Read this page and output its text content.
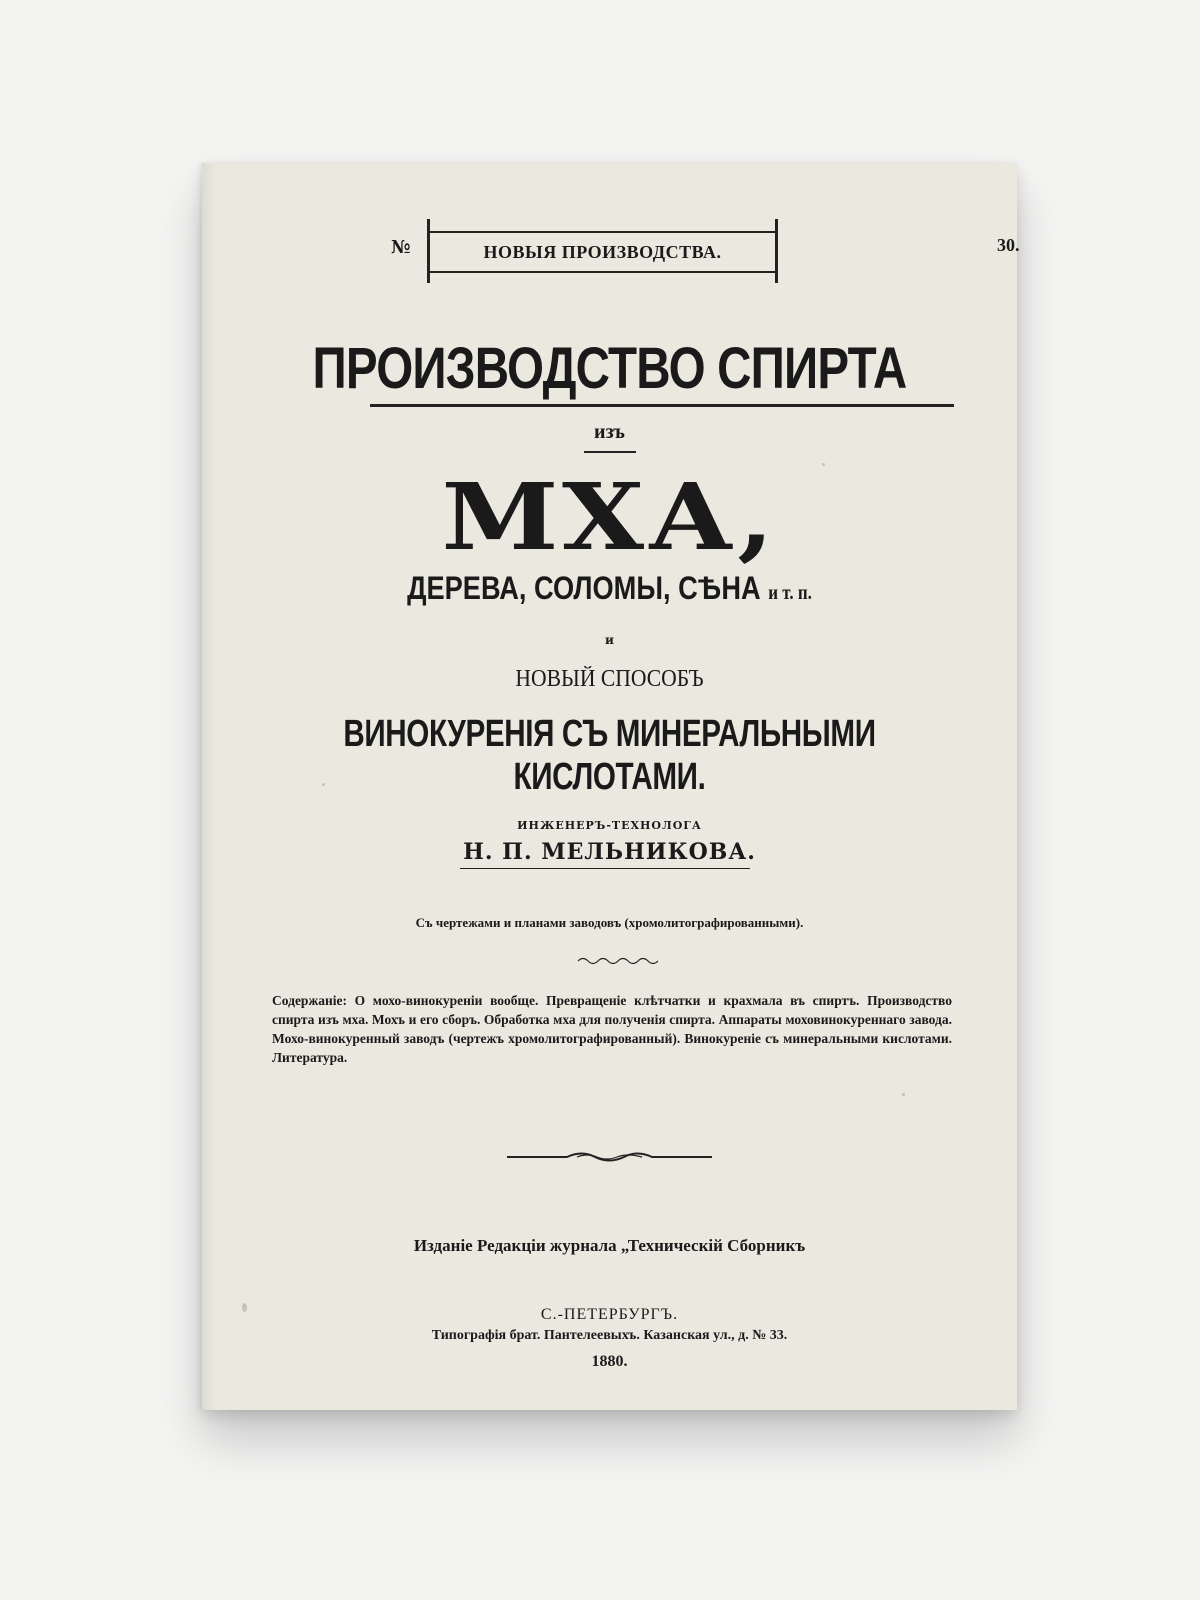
№	НОВЫЯ ПРОИЗВОДСТВА.	30.
ПРОИЗВОДСТВО СПИРТА
изъ
МХА,
ДЕРЕВА, СОЛОМЫ, СѢНА и т. п.
и
НОВЫЙ СПОСОБЪ
ВИНОКУРЕНІЯ СЪ МИНЕРАЛЬНЫМИ КИСЛОТАМИ.
ИНЖЕНЕРЪ-ТЕХНОЛОГА
Н. П. МЕЛЬНИКОВА.
Съ чертежами и планами заводовъ (хромолитографированными).
Содержаніе: О мохо-винокуреніи вообще. Превращеніе клѣтчатки и крахмала въ спиртъ. Производство спирта изъ мха. Мохъ и его сборъ. Обработка мха для полученія спирта. Аппараты моховинокуреннаго завода. Мохо-винокуренный заводъ (чертежъ хромолитографированный). Винокуреніе съ минеральными кислотами. Литература.
Изданіе Редакціи журнала „Техническій Сборникъ
С.-ПЕТЕРБУРГЪ.
Типографія брат. Пантелеевыхъ. Казанская ул., д. № 33.
1880.
